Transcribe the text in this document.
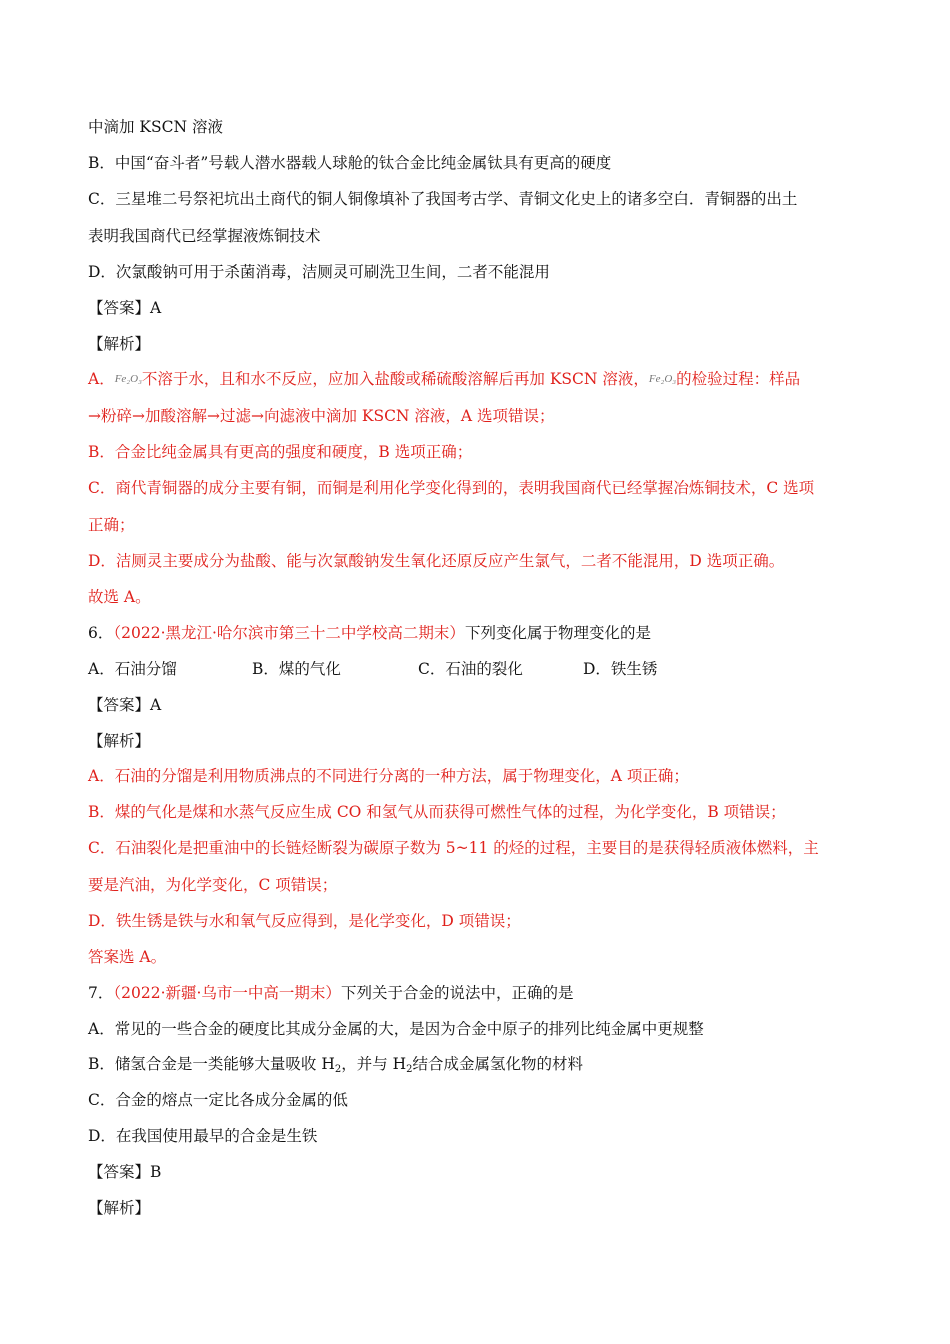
中滴加 KSCN 溶液
B．中国“奋斗者”号载人潜水器载人球舱的钛合金比纯金属钛具有更高的硬度
C．三星堆二号祭祀坑出土商代的铜人铜像填补了我国考古学、青铜文化史上的诸多空白．青铜器的出土
表明我国商代已经掌握液炼铜技术
D．次氯酸钠可用于杀菌消毒，洁厕灵可刷洗卫生间，二者不能混用
【答案】A
【解析】
A．Fe₂O₃不溶于水，且和水不反应，应加入盐酸或稀硫酸溶解后再加 KSCN 溶液，Fe₂O₃的检验过程：样品
→粉碎→加酸溶解→过滤→向滤液中滴加 KSCN 溶液，A 选项错误；
B．合金比纯金属具有更高的强度和硬度，B 选项正确；
C．商代青铜器的成分主要有铜，而铜是利用化学变化得到的，表明我国商代已经掌握冶炼铜技术，C 选项
正确；
D．洁厕灵主要成分为盐酸、能与次氯酸钠发生氧化还原反应产生氯气，二者不能混用，D 选项正确。
故选 A。
6．（2022·黑龙江·哈尔滨市第三十二中学校高二期末）下列变化属于物理变化的是
A．石油分馏	B．煤的气化	C．石油的裂化	D．铁生锈
【答案】A
【解析】
A．石油的分馏是利用物质沸点的不同进行分离的一种方法，属于物理变化，A 项正确；
B．煤的气化是煤和水蒸气反应生成 CO 和氢气从而获得可燃性气体的过程，为化学变化，B 项错误；
C．石油裂化是把重油中的长链烃断裂为碳原子数为 5~11 的烃的过程，主要目的是获得轻质液体燃料，主
要是汽油，为化学变化，C 项错误；
D．铁生锈是铁与水和氧气反应得到，是化学变化，D 项错误；
答案选 A。
7．（2022·新疆·乌市一中高一期末）下列关于合金的说法中，正确的是
A．常见的一些合金的硬度比其成分金属的大，是因为合金中原子的排列比纯金属中更规整
B．储氢合金是一类能够大量吸收 $H_2$，并与 $H_2$结合成金属氢化物的材料
C．合金的熔点一定比各成分金属的低
D．在我国使用最早的合金是生铁
【答案】B
【解析】
